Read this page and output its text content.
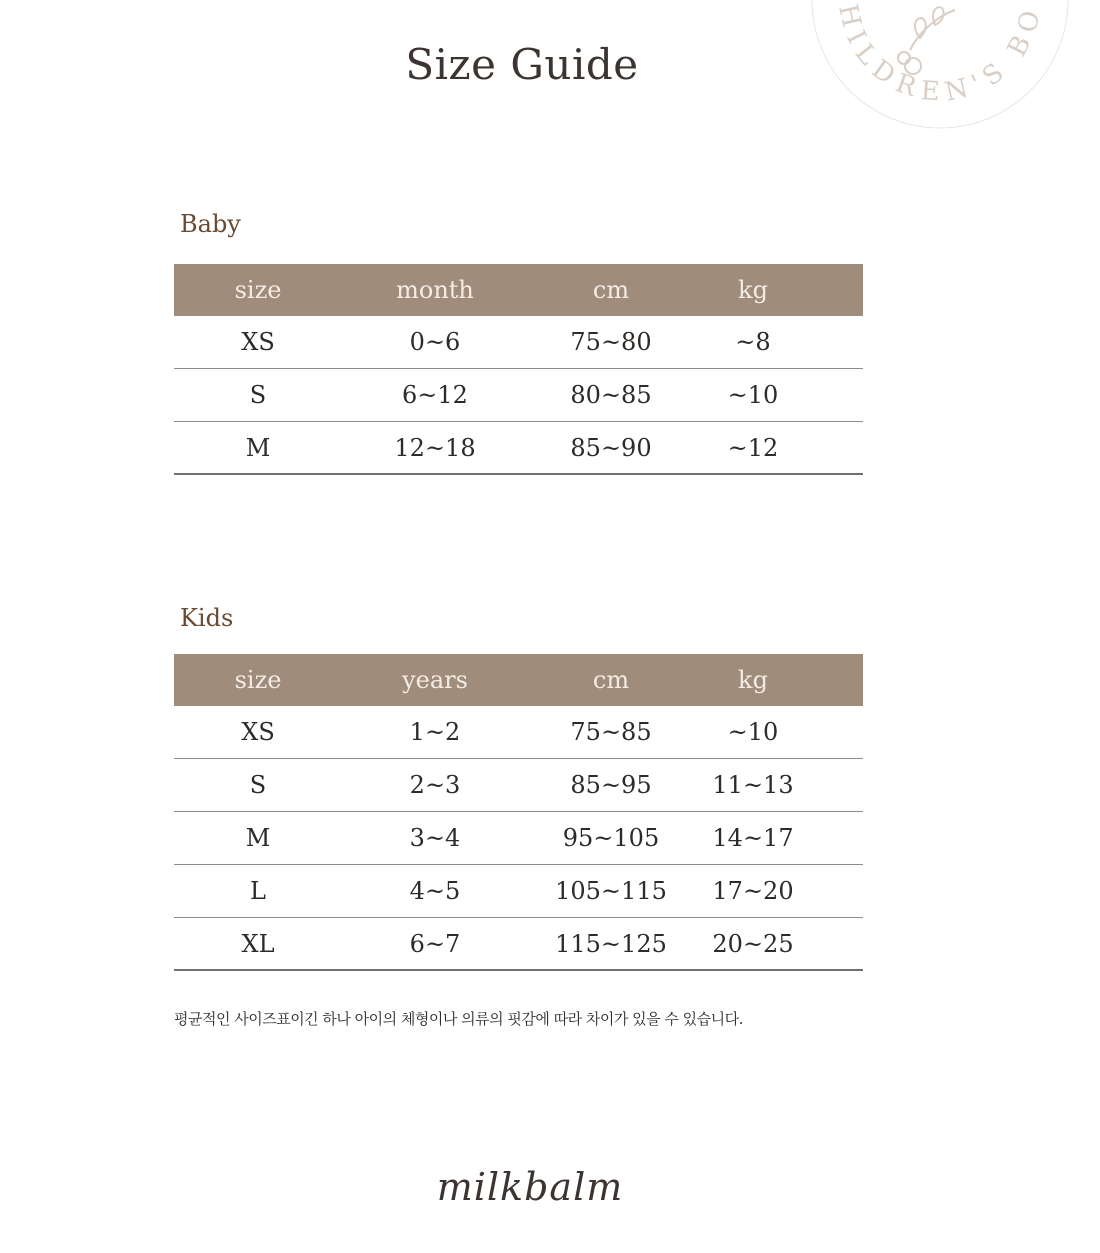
HILDREN'S BO
Size Guide
Baby
size	month	cm	kg
XS	0~6	75~80	~8
S	6~12	80~85	~10
M	12~18	85~90	~12
Kids
size	years	cm	kg
XS	1~2	75~85	~10
S	2~3	85~95	11~13
M	3~4	95~105	14~17
L	4~5	105~115	17~20
XL	6~7	115~125	20~25
평균적인 사이즈표이긴 하나 아이의 체형이나 의류의 핏감에 따라 차이가 있을 수 있습니다.
milkbalm
